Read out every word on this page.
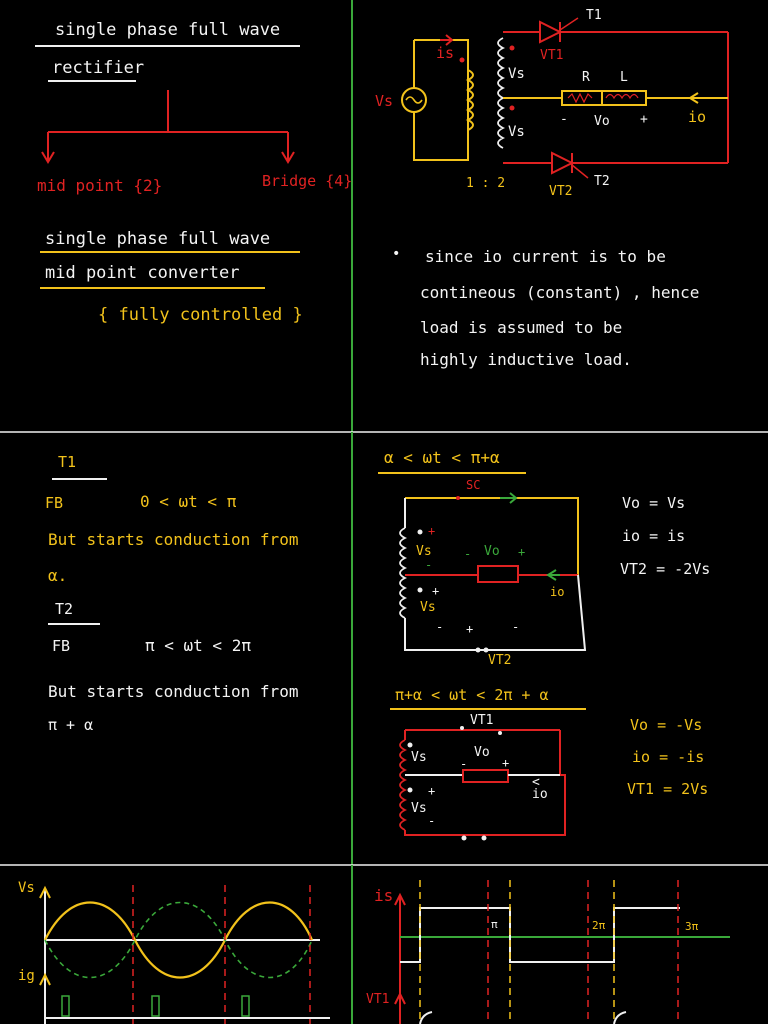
single phase full wave
rectifier
mid point {2}	Bridge {4}
single phase full wave
mid point converter
{ fully controlled }
T1
VT1
is
Vs
Vs
Vs
R L
- Vo +	io
1 : 2
VT2
T2
• since io current is to be
contineous (constant) , hence
load is assumed to be
highly inductive load.
T1
FB	0 < ωt < π
But starts conduction from
α.
T2
FB	π < ωt < 2π
But starts conduction from
π + α
α < ωt < π+α
SC
+
Vs
-
- Vo +
io
+
Vs
- +	-
VT2
Vo = Vs
io = is
VT2 = -2Vs
π+α < ωt < 2π + α
VT1
Vs	-
Vo
+
<
io
+
Vs
-
Vo = -Vs
io = -is
VT1 = 2Vs
Vs
ig
is
VT1
π	2π	3π
